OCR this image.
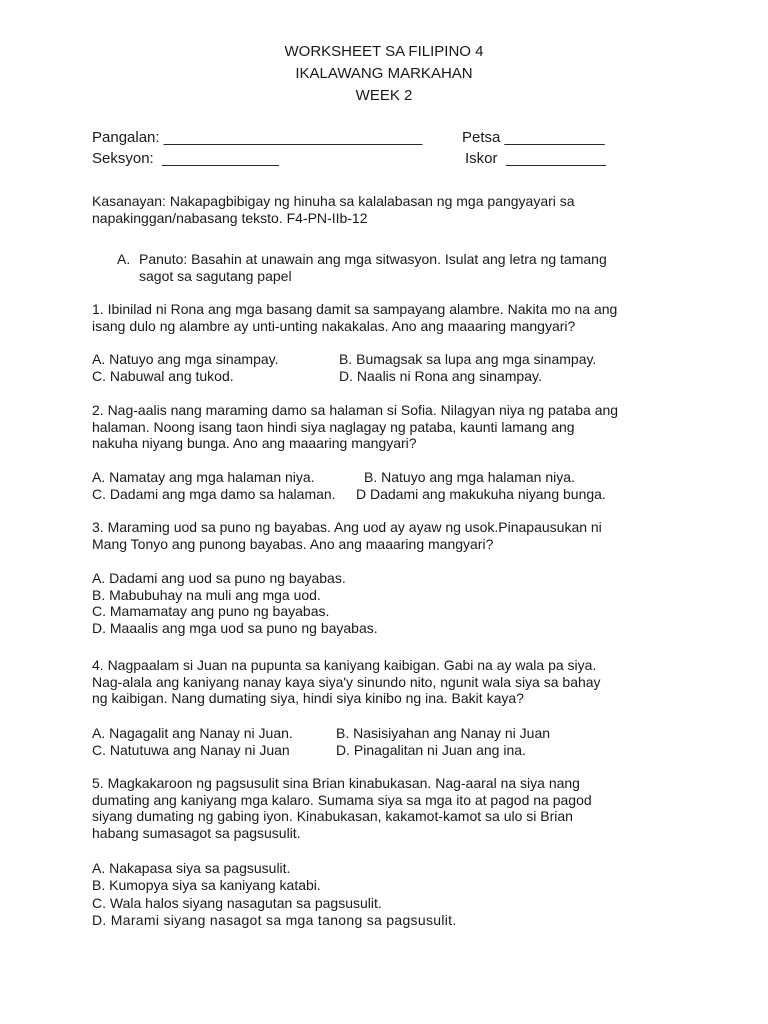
WORKSHEET SA FILIPINO 4
IKALAWANG MARKAHAN
WEEK 2
Pangalan: _______________________________	Petsa ____________
Seksyon:  ______________	Iskor  ____________
Kasanayan: Nakapagbibigay ng hinuha sa kalalabasan ng mga pangyayari sa
napakinggan/nabasang teksto. F4-PN-IIb-12
A. Panuto: Basahin at unawain ang mga sitwasyon. Isulat ang letra ng tamang
sagot sa sagutang papel
1. Ibinilad ni Rona ang mga basang damit sa sampayang alambre. Nakita mo na ang
isang dulo ng alambre ay unti-unting nakakalas. Ano ang maaaring mangyari?
A. Natuyo ang mga sinampay.	B. Bumagsak sa lupa ang mga sinampay.
C. Nabuwal ang tukod.	D. Naalis ni Rona ang sinampay.
2. Nag-aalis nang maraming damo sa halaman si Sofia. Nilagyan niya ng pataba ang
halaman. Noong isang taon hindi siya naglagay ng pataba, kaunti lamang ang
nakuha niyang bunga. Ano ang maaaring mangyari?
A. Namatay ang mga halaman niya.	B. Natuyo ang mga halaman niya.
C. Dadami ang mga damo sa halaman. D Dadami ang makukuha niyang bunga.
3. Maraming uod sa puno ng bayabas. Ang uod ay ayaw ng usok.Pinapausukan ni
Mang Tonyo ang punong bayabas. Ano ang maaaring mangyari?
A. Dadami ang uod sa puno ng bayabas.
B. Mabubuhay na muli ang mga uod.
C. Mamamatay ang puno ng bayabas.
D. Maaalis ang mga uod sa puno ng bayabas.
4. Nagpaalam si Juan na pupunta sa kaniyang kaibigan. Gabi na ay wala pa siya.
Nag-alala ang kaniyang nanay kaya siya'y sinundo nito, ngunit wala siya sa bahay
ng kaibigan. Nang dumating siya, hindi siya kinibo ng ina. Bakit kaya?
A. Nagagalit ang Nanay ni Juan.	B. Nasisiyahan ang Nanay ni Juan
C. Natutuwa ang Nanay ni Juan	D. Pinagalitan ni Juan ang ina.
5. Magkakaroon ng pagsusulit sina Brian kinabukasan. Nag-aaral na siya nang
dumating ang kaniyang mga kalaro. Sumama siya sa mga ito at pagod na pagod
siyang dumating ng gabing iyon. Kinabukasan, kakamot-kamot sa ulo si Brian
habang sumasagot sa pagsusulit.
A. Nakapasa siya sa pagsusulit.
B. Kumopya siya sa kaniyang katabi.
C. Wala halos siyang nasagutan sa pagsusulit.
D. Marami siyang nasagot sa mga tanong sa pagsusulit.
